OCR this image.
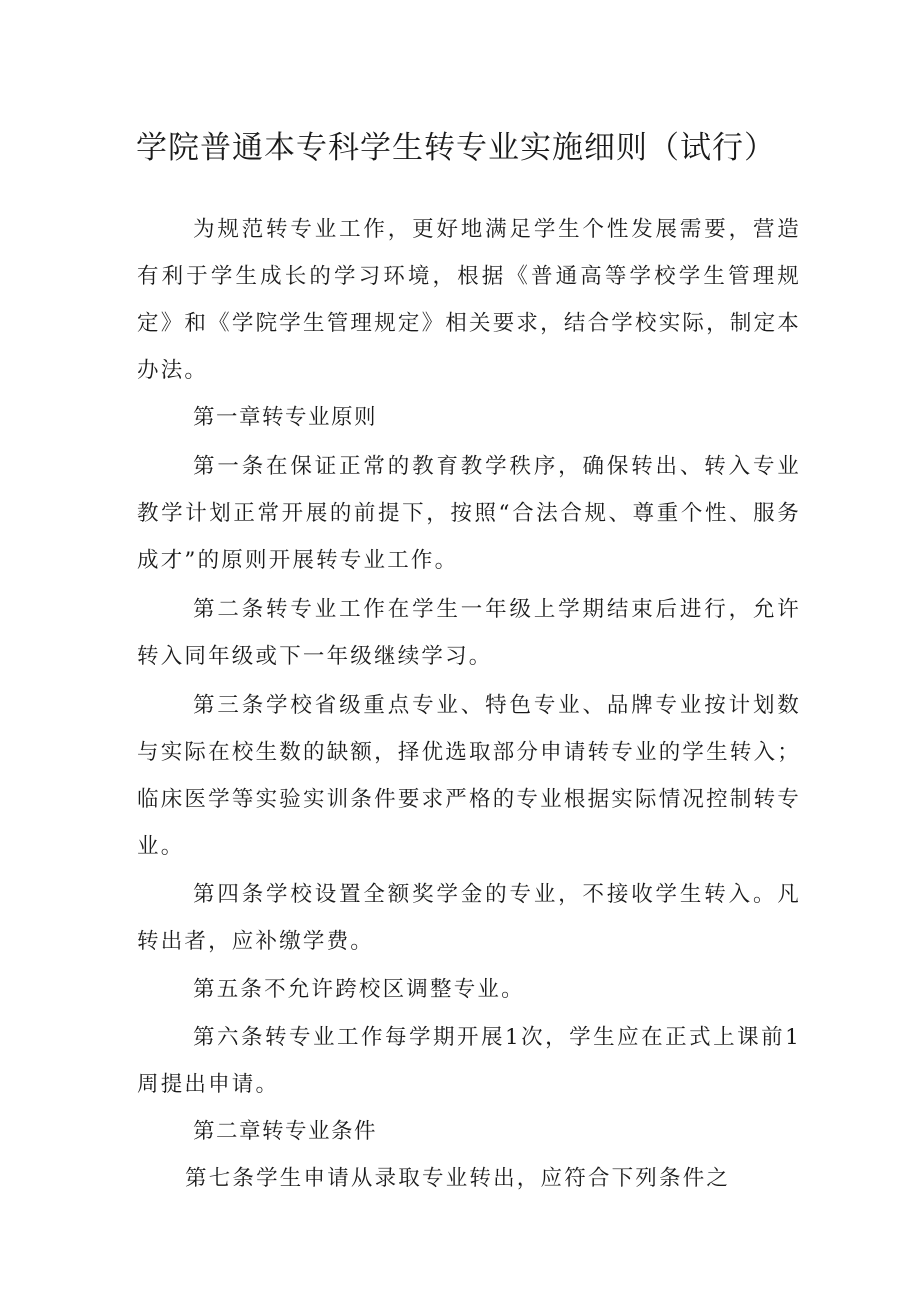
学院普通本专科学生转专业实施细则（试行）

为规范转专业工作，更好地满足学生个性发展需要，营造有利于学生成长的学习环境，根据《普通高等学校学生管理规定》和《学院学生管理规定》相关要求，结合学校实际，制定本办法。

第一章转专业原则

第一条在保证正常的教育教学秩序，确保转出、转入专业教学计划正常开展的前提下，按照“合法合规、尊重个性、服务成才”的原则开展转专业工作。

第二条转专业工作在学生一年级上学期结束后进行，允许转入同年级或下一年级继续学习。

第三条学校省级重点专业、特色专业、品牌专业按计划数与实际在校生数的缺额，择优选取部分申请转专业的学生转入；临床医学等实验实训条件要求严格的专业根据实际情况控制转专业。

第四条学校设置全额奖学金的专业，不接收学生转入。凡转出者，应补缴学费。

第五条不允许跨校区调整专业。

第六条转专业工作每学期开展1次，学生应在正式上课前1周提出申请。

第二章转专业条件

第七条学生申请从录取专业转出，应符合下列条件之
